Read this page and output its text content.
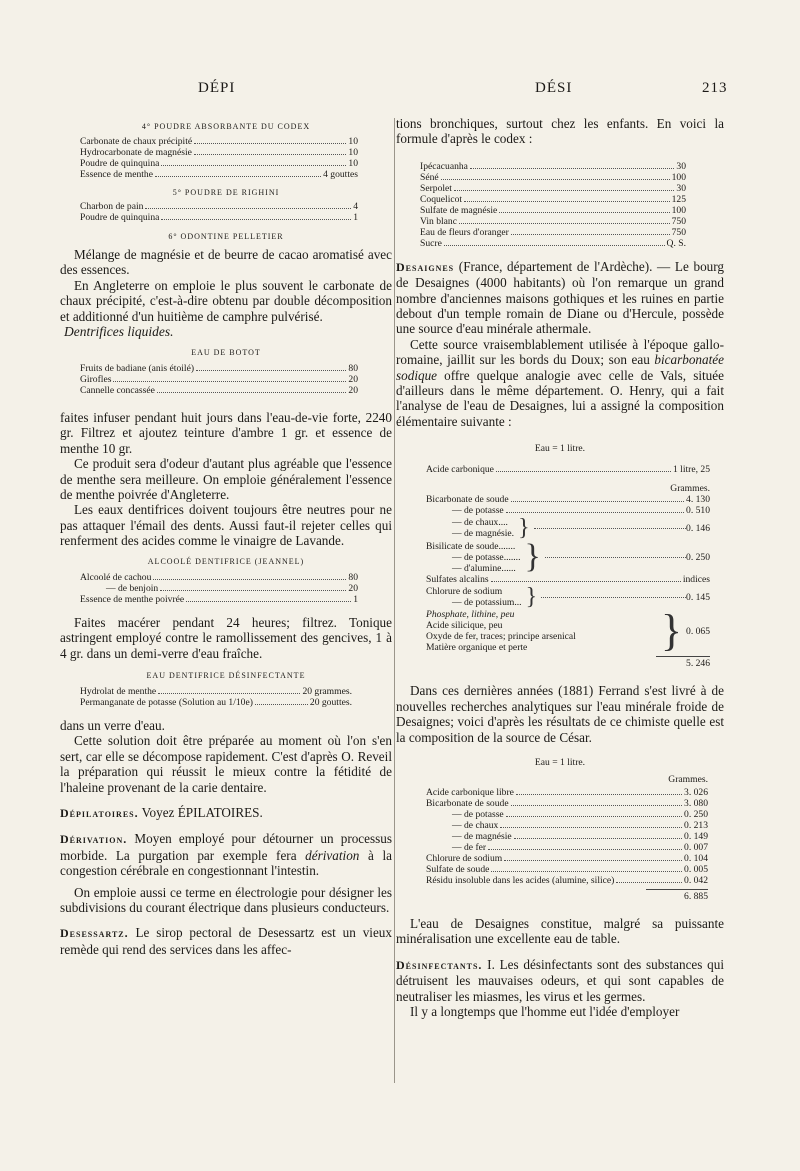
DÉPI	DÉSI	213
4° POUDRE ABSORBANTE DU CODEX
Carbonate de chaux précipité	10
Hydrocarbonate de magnésie	10
Poudre de quinquina	10
Essence de menthe	4 gouttes
5° POUDRE DE RIGHINI
Charbon de pain	4
Poudre de quinquina	1
6° ODONTINE PELLETIER

Mélange de magnésie et de beurre de cacao aromatisé avec des essences.

En Angleterre on emploie le plus souvent le carbonate de chaux précipité, c'est-à-dire obtenu par double décomposition et additionné d'un huitième de camphre pulvérisé.

Dentrifices liquides.

EAU DE BOTOT
Fruits de badiane (anis étoilé)	80
Girofles	20
Cannelle concassée	20

faites infuser pendant huit jours dans l'eau-de-vie forte, 2240 gr. Filtrez et ajoutez teinture d'ambre 1 gr. et essence de menthe 10 gr.

Ce produit sera d'odeur d'autant plus agréable que l'essence de menthe sera meilleure. On emploie généralement l'essence de menthe poivrée d'Angleterre.

Les eaux dentifrices doivent toujours être neutres pour ne pas attaquer l'émail des dents. Aussi faut-il rejeter celles qui renferment des acides comme le vinaigre de Lavande.

ALCOOLÉ DENTIFRICE (JEANNEL)
Alcoolé de cachou	80
— de benjoin	20
Essence de menthe poivrée	1

Faites macérer pendant 24 heures; filtrez. Tonique astringent employé contre le ramollissement des gencives, 1 à 4 gr. dans un demi-verre d'eau fraîche.

EAU DENTIFRICE DÉSINFECTANTE
Hydrolat de menthe	20 grammes.
Permanganate de potasse (Solution au 1/10e)	20 gouttes.

dans un verre d'eau.

Cette solution doit être préparée au moment où l'on s'en sert, car elle se décompose rapidement. C'est d'après O. Reveil la préparation qui réussit le mieux contre la fétidité de l'haleine provenant de la carie dentaire.

Dépilatoires. Voyez ÉPILATOIRES.

Dérivation. Moyen employé pour détourner un processus morbide. La purgation par exemple fera dérivation à la congestion cérébrale en congestionnant l'intestin.

On emploie aussi ce terme en électrologie pour désigner les subdivisions du courant électrique dans plusieurs conducteurs.

Desessartz. Le sirop pectoral de Desessartz est un vieux remède qui rend des services dans les affec-

tions bronchiques, surtout chez les enfants. En voici la formule d'après le codex :

Ipécacuanha	30
Séné	100
Serpolet	30
Coquelicot	125
Sulfate de magnésie	100
Vin blanc	750
Eau de fleurs d'oranger	750
Sucre	Q. S.

Desaignes (France, département de l'Ardèche). — Le bourg de Desaignes (4000 habitants) où l'on remarque un grand nombre d'anciennes maisons gothiques et les ruines en partie debout d'un temple romain de Diane ou d'Hercule, possède une source d'eau minérale athermale.

Cette source vraisemblablement utilisée à l'époque gallo-romaine, jaillit sur les bords du Doux; son eau bicarbonatée sodique offre quelque analogie avec celle de Vals, située d'ailleurs dans le même département. O. Henry, qui a fait l'analyse de l'eau de Desaignes, lui a assigné la composition élémentaire suivante :

Eau = 1 litre.
Acide carbonique	1 litre, 25
Grammes.
Bicarbonate de soude	4. 130
— de potasse	0. 510
— de chaux....
— de magnésie. }	0. 146
Bisilicate de soude.......
— de potasse.......
— d'alumine...... }	0. 250
Sulfates alcalins	indices
Chlorure de sodium
— de potassium... }	0. 145
Phosphate, lithine, peu
Acide silicique, peu
Oxyde de fer, traces; principe arsenical
Matière organique et perte	} 0. 065
5. 246

Dans ces dernières années (1881) Ferrand s'est livré à de nouvelles recherches analytiques sur l'eau minérale froide de Desaignes; voici d'après les résultats de ce chimiste quelle est la composition de la source de César.

Eau = 1 litre.
Grammes.
Acide carbonique libre	3. 026
Bicarbonate de soude	3. 080
— de potasse	0. 250
— de chaux	0. 213
— de magnésie	0. 149
— de fer	0. 007
Chlorure de sodium	0. 104
Sulfate de soude	0. 005
Résidu insoluble dans les acides (alumine, silice)	0. 042
6. 885

L'eau de Desaignes constitue, malgré sa puissante minéralisation une excellente eau de table.

Désinfectants. I. Les désinfectants sont des substances qui détruisent les mauvaises odeurs, et qui sont capables de neutraliser les miasmes, les virus et les germes.

Il y a longtemps que l'homme eut l'idée d'employer
